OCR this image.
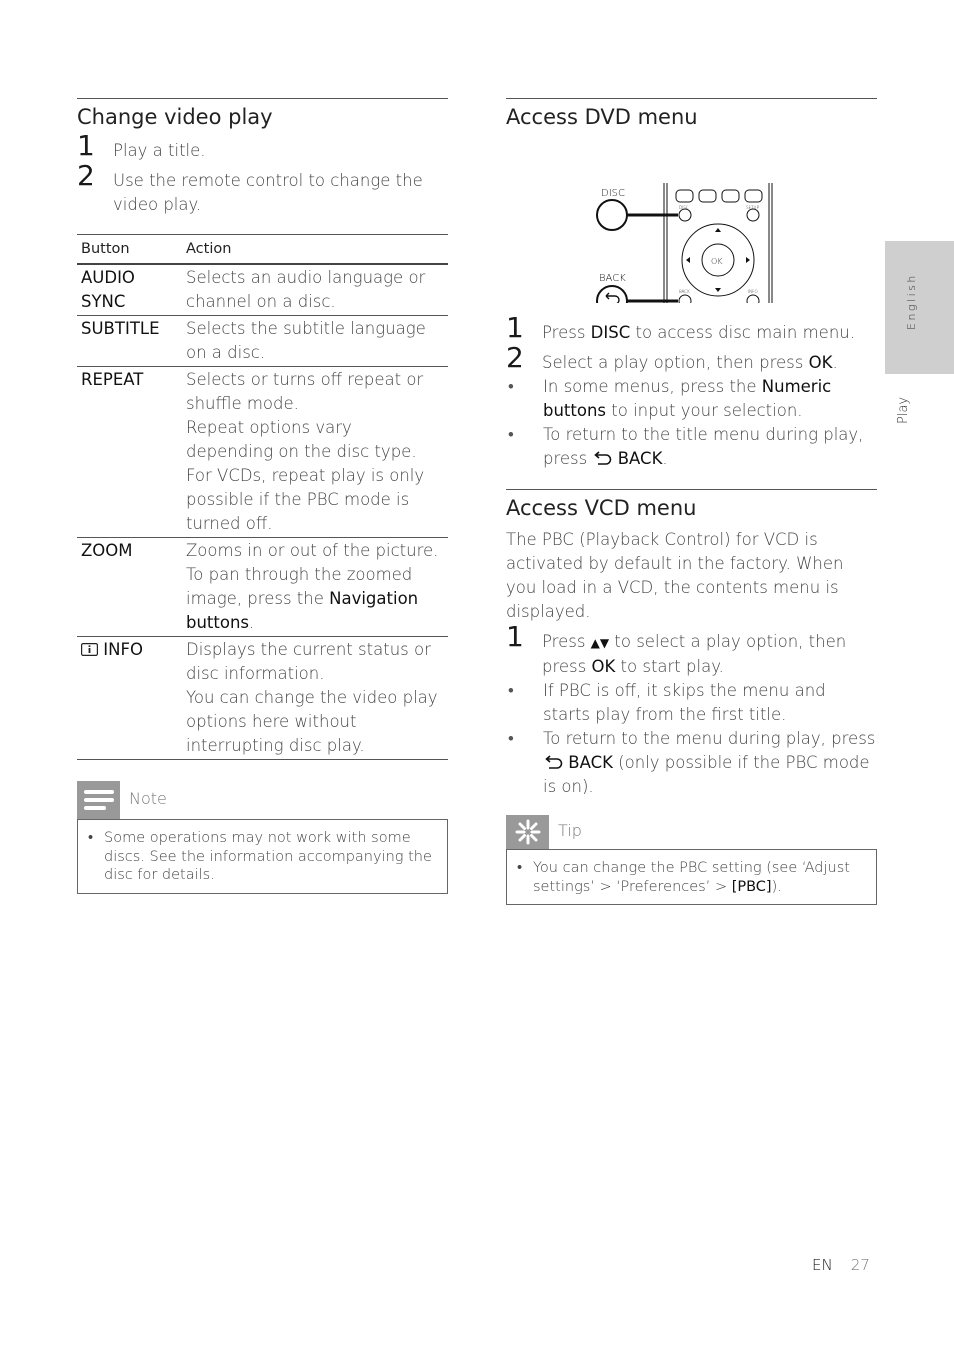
Change video play
1 Play a title.
2 Use the remote control to change the video play.
Button	Action
AUDIO SYNC	Selects an audio language or channel on a disc.
SUBTITLE	Selects the subtitle language on a disc.
REPEAT	Selects or turns off repeat or shuffle mode.
Repeat options vary depending on the disc type.
For VCDs, repeat play is only possible if the PBC mode is turned off.

ZOOM	Zooms in or out of the picture. To pan through the zoomed image, press the Navigation buttons.
INFO	Displays the current status or disc information.
You can change the video play options here without interrupting disc play.
Note
• Some operations may not work with some discs. See the information accompanying the disc for details.
Access DVD menu
DISC
BACK
OK
DISC	SETUP
BACK	INFO
1 Press DISC to access disc main menu.
2 Select a play option, then press OK.
• In some menus, press the Numeric buttons to input your selection.
• To return to the title menu during play, press  BACK.
Access VCD menu
The PBC (Playback Control) for VCD is activated by default in the factory. When you load in a VCD, the contents menu is displayed.
1 Press ▲▼ to select a play option, then press OK to start play.
• If PBC is off, it skips the menu and starts play from the first title.
• To return to the menu during play, press  BACK (only possible if the PBC mode is on).
Tip
• You can change the PBC setting (see ‘Adjust settings’ > ‘Preferences’ > [PBC]).
English
Play
EN 27
